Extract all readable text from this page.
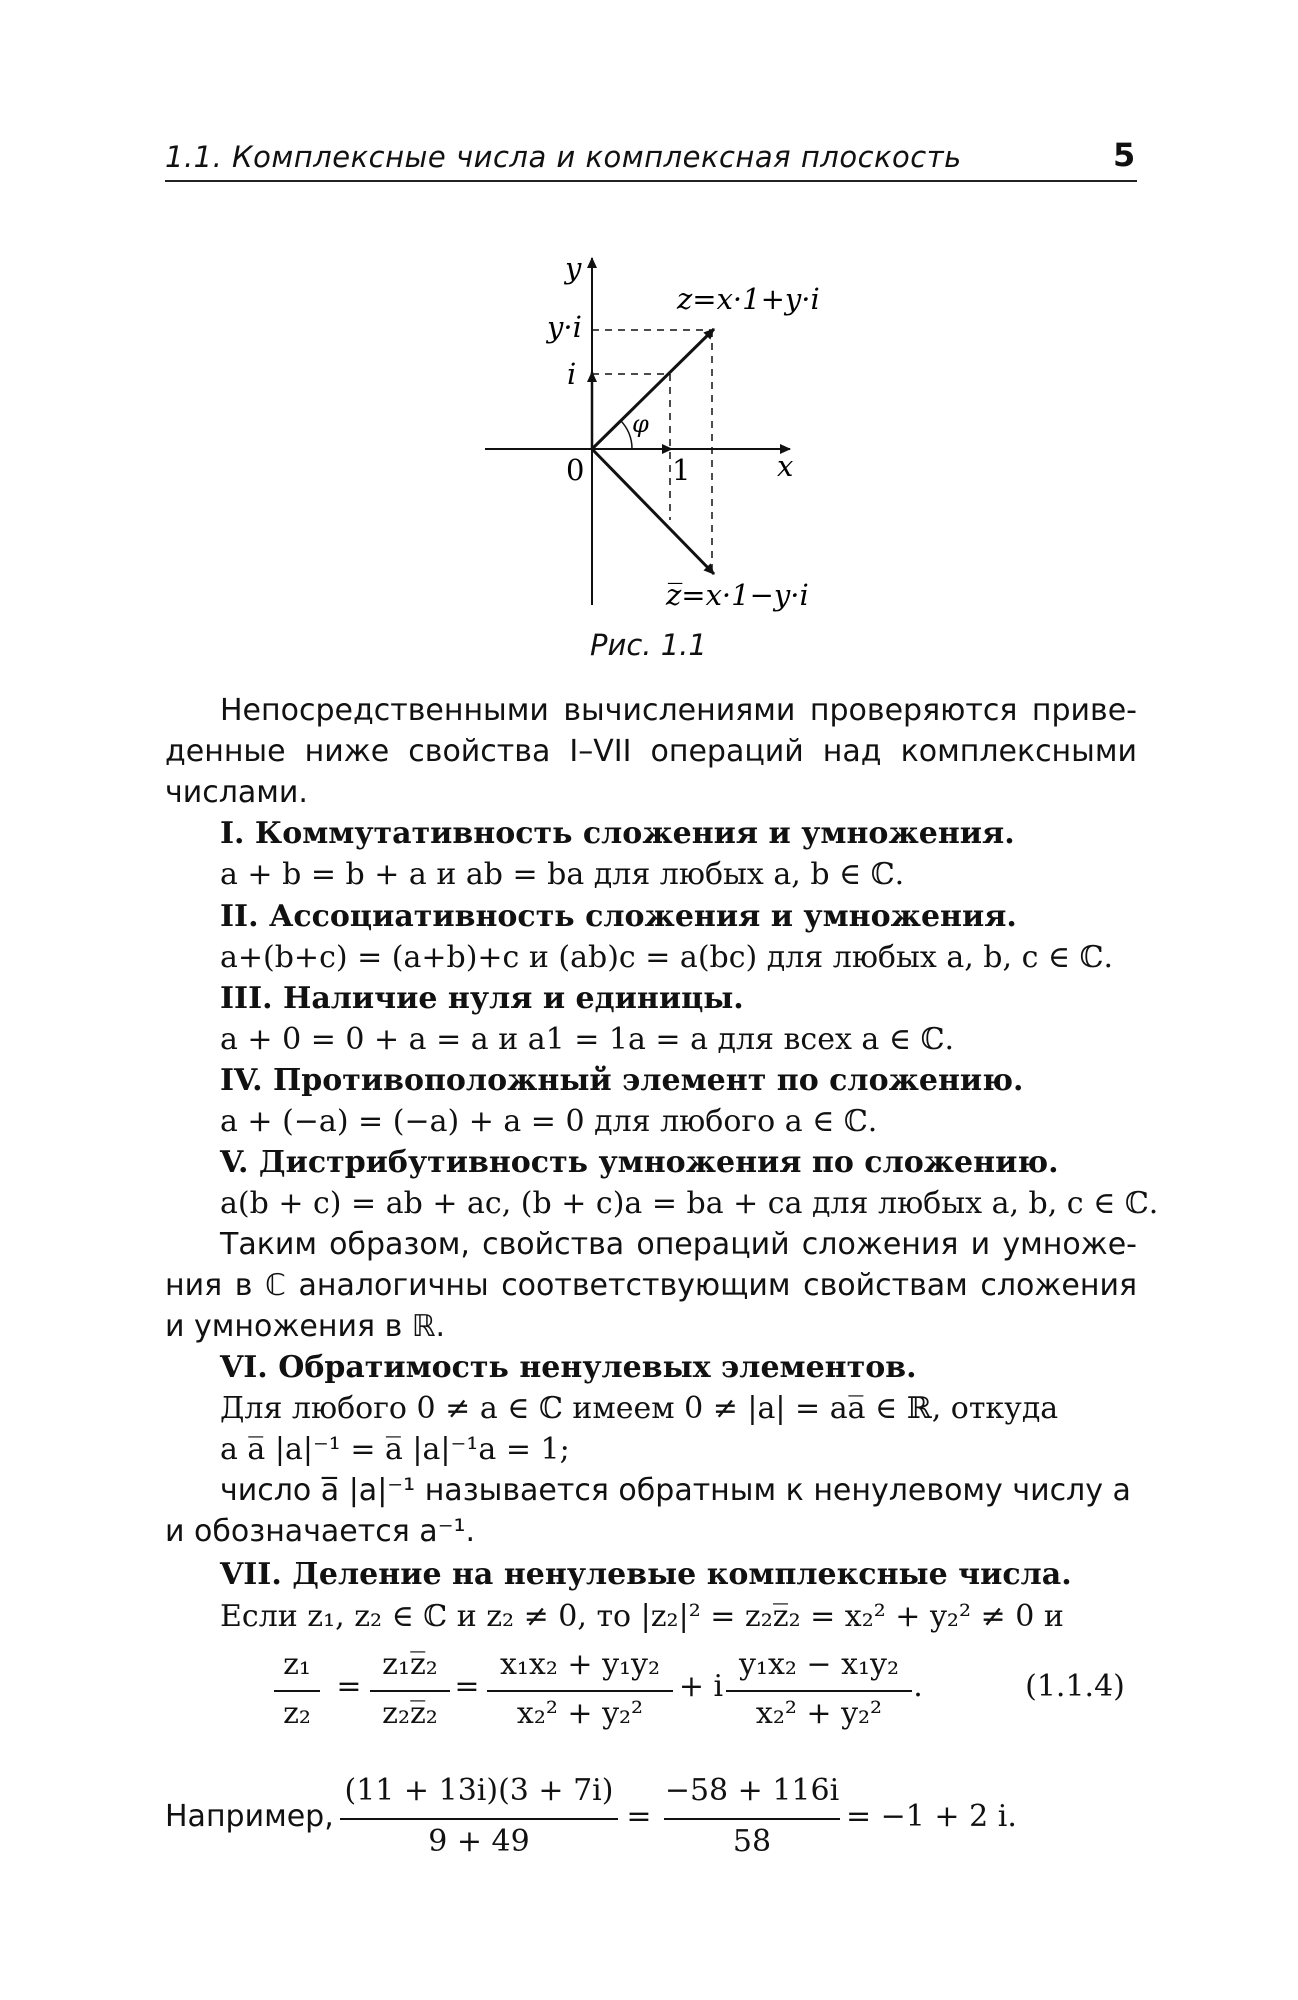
1.1. Комплексные числа и комплексная плоскость	5
y
x
y·i
i
0	1
φ
z=x·1+y·i
z̅=x·1−y·i
Рис. 1.1
Непосредственными вычислениями проверяются приве-
денные ниже свойства I–VII операций над комплексными
числами.
I. Коммутативность сложения и умножения.
a + b = b + a и ab = ba для любых a, b ∈ ℂ.
II. Ассоциативность сложения и умножения.
a+(b+c) = (a+b)+c и (ab)c = a(bc) для любых a, b, c ∈ ℂ.
III. Наличие нуля и единицы.
a + 0 = 0 + a = a и a1 = 1a = a для всех a ∈ ℂ.
IV. Противоположный элемент по сложению.
a + (−a) = (−a) + a = 0 для любого a ∈ ℂ.
V. Дистрибутивность умножения по сложению.
a(b + c) = ab + ac, (b + c)a = ba + ca для любых a, b, c ∈ ℂ.
Таким образом, свойства операций сложения и умноже-
ния в ℂ аналогичны соответствующим свойствам сложения
и умножения в ℝ.
VI. Обратимость ненулевых элементов.
Для любого 0 ≠ a ∈ ℂ имеем 0 ≠ |a| = aa̅ ∈ ℝ, откуда
a a̅ |a|⁻¹ = a̅ |a|⁻¹a = 1;
число a̅ |a|⁻¹ называется обратным к ненулевому числу a
и обозначается a⁻¹.
VII. Деление на ненулевые комплексные числа.
Если z₁, z₂ ∈ ℂ и z₂ ≠ 0, то |z₂|² = z₂z̅₂ = x₂² + y₂² ≠ 0 и
z₁
z₂
=
z₁z̅₂
z₂z̅₂
=
x₁x₂ + y₁y₂
x₂² + y₂²
+ i
y₁x₂ − x₁y₂
x₂² + y₂²
.	(1.1.4)
Например,
(11 + 13i)(3 + 7i)
9 + 49
=
−58 + 116i
58
= −1 + 2 i.
